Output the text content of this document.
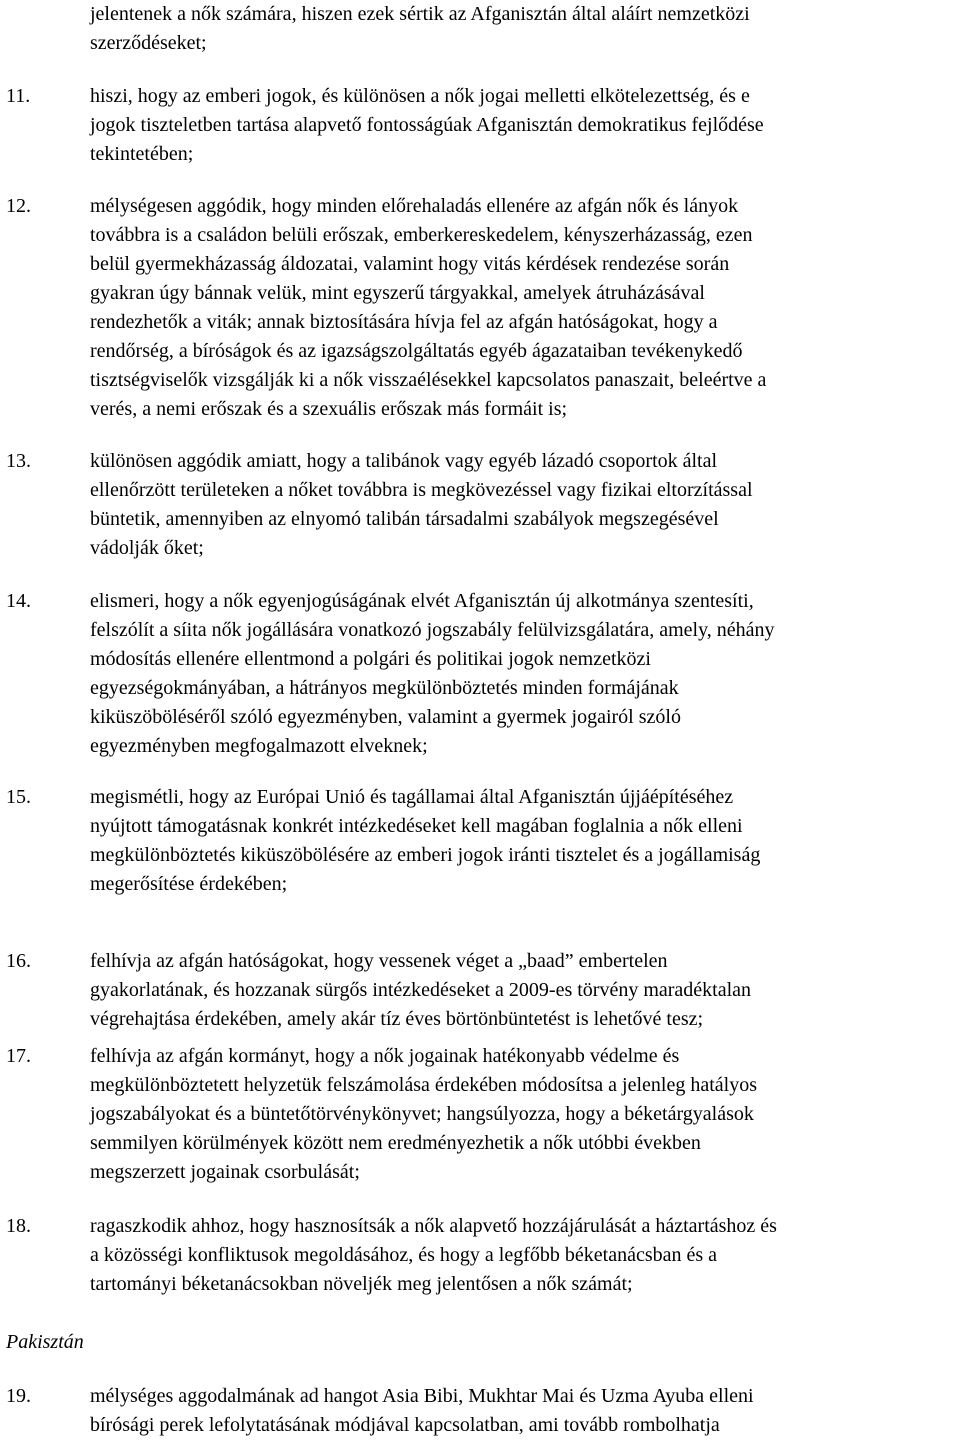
Pakisztán
jelentenek a nők számára, hiszen ezek sértik az Afganisztán által aláírt nemzetközi
szerződéseket;
11.	hiszi, hogy az emberi jogok, és különösen a nők jogai melletti elkötelezettség, és e
jogok tiszteletben tartása alapvető fontosságúak Afganisztán demokratikus fejlődése
tekintetében;
12.	mélységesen aggódik, hogy minden előrehaladás ellenére az afgán nők és lányok
továbbra is a családon belüli erőszak, emberkereskedelem, kényszerházasság, ezen
belül gyermekházasság áldozatai, valamint hogy vitás kérdések rendezése során
gyakran úgy bánnak velük, mint egyszerű tárgyakkal, amelyek átruházásával
rendezhetők a viták; annak biztosítására hívja fel az afgán hatóságokat, hogy a
rendőrség, a bíróságok és az igazságszolgáltatás egyéb ágazataiban tevékenykedő
tisztségviselők vizsgálják ki a nők visszaélésekkel kapcsolatos panaszait, beleértve a
verés, a nemi erőszak és a szexuális erőszak más formáit is;
13.	különösen aggódik amiatt, hogy a talibánok vagy egyéb lázadó csoportok által
ellenőrzött területeken a nőket továbbra is megkövezéssel vagy fizikai eltorzítással
büntetik, amennyiben az elnyomó talibán társadalmi szabályok megszegésével
vádolják őket;
14.	elismeri, hogy a nők egyenjogúságának elvét Afganisztán új alkotmánya szentesíti,
felszólít a síita nők jogállására vonatkozó jogszabály felülvizsgálatára, amely, néhány
módosítás ellenére ellentmond a polgári és politikai jogok nemzetközi
egyezségokmányában, a hátrányos megkülönböztetés minden formájának
kiküszöböléséről szóló egyezményben, valamint a gyermek jogairól szóló
egyezményben megfogalmazott elveknek;
15.	megismétli, hogy az Európai Unió és tagállamai által Afganisztán újjáépítéséhez
nyújtott támogatásnak konkrét intézkedéseket kell magában foglalnia a nők elleni
megkülönböztetés kiküszöbölésére az emberi jogok iránti tisztelet és a jogállamiság
megerősítése érdekében;
16.	felhívja az afgán hatóságokat, hogy vessenek véget a „baad” embertelen
gyakorlatának, és hozzanak sürgős intézkedéseket a 2009-es törvény maradéktalan
végrehajtása érdekében, amely akár tíz éves börtönbüntetést is lehetővé tesz;
17.	felhívja az afgán kormányt, hogy a nők jogainak hatékonyabb védelme és
megkülönböztetett helyzetük felszámolása érdekében módosítsa a jelenleg hatályos
jogszabályokat és a büntetőtörvénykönyvet; hangsúlyozza, hogy a béketárgyalások
semmilyen körülmények között nem eredményezhetik a nők utóbbi években
megszerzett jogainak csorbulását;
18.	ragaszkodik ahhoz, hogy hasznosítsák a nők alapvető hozzájárulását a háztartáshoz és
a közösségi konfliktusok megoldásához, és hogy a legfőbb béketanácsban és a
tartományi béketanácsokban növeljék meg jelentősen a nők számát;
19.	mélységes aggodalmának ad hangot Asia Bibi, Mukhtar Mai és Uzma Ayuba elleni
bírósági perek lefolytatásának módjával kapcsolatban, ami tovább rombolhatja
